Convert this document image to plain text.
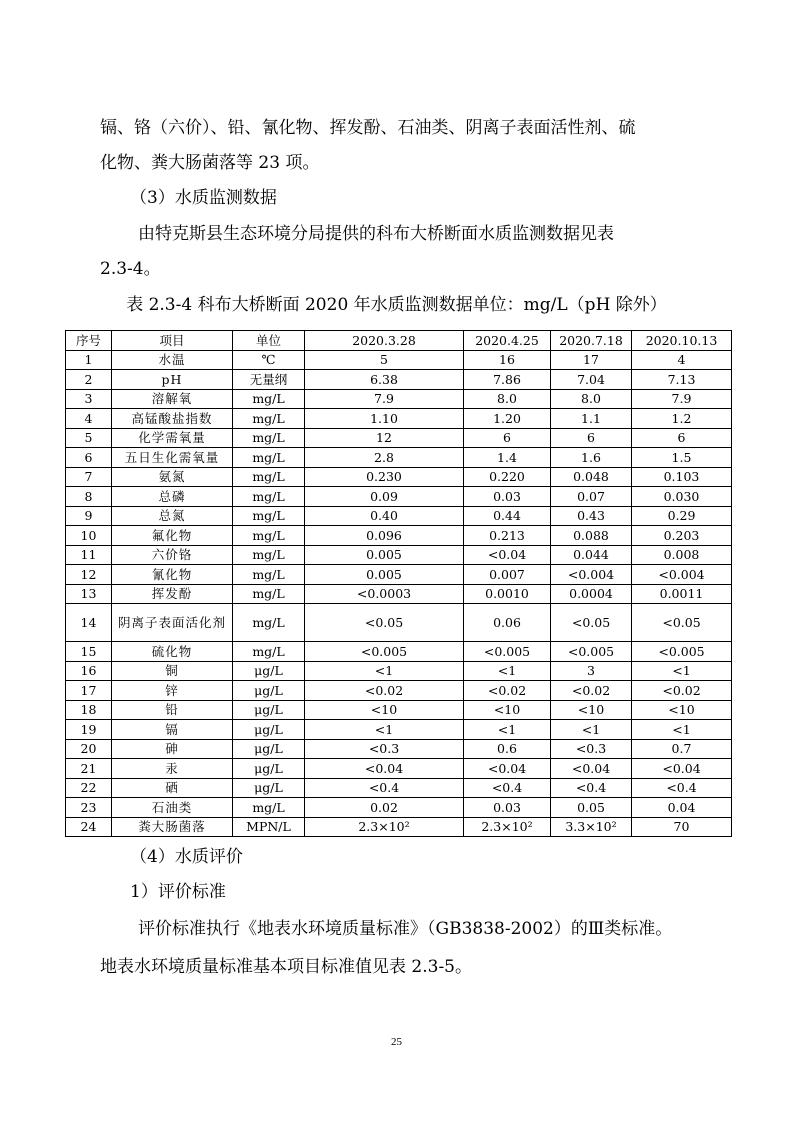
镉、铬（六价）、铅、氰化物、挥发酚、石油类、阴离子表面活性剂、硫
化物、粪大肠菌落等 23 项。
（3）水质监测数据
由特克斯县生态环境分局提供的科布大桥断面水质监测数据见表
2.3-4。
表 2.3-4 科布大桥断面 2020 年水质监测数据单位：mg/L（pH 除外）
序号	项目	单位	2020.3.28	2020.4.25	2020.7.18	2020.10.13
1	水温	℃	5	16	17	4
2	pH	无量纲	6.38	7.86	7.04	7.13
3	溶解氧	mg/L	7.9	8.0	8.0	7.9
4	高锰酸盐指数	mg/L	1.10	1.20	1.1	1.2
5	化学需氧量	mg/L	12	6	6	6
6	五日生化需氧量	mg/L	2.8	1.4	1.6	1.5
7	氨氮	mg/L	0.230	0.220	0.048	0.103
8	总磷	mg/L	0.09	0.03	0.07	0.030
9	总氮	mg/L	0.40	0.44	0.43	0.29
10	氟化物	mg/L	0.096	0.213	0.088	0.203
11	六价铬	mg/L	0.005	<0.04	0.044	0.008
12	氰化物	mg/L	0.005	0.007	<0.004	<0.004
13	挥发酚	mg/L	<0.0003	0.0010	0.0004	0.0011
14	阴离子表面活化剂	mg/L	<0.05	0.06	<0.05	<0.05
15	硫化物	mg/L	<0.005	<0.005	<0.005	<0.005
16	铜	μg/L	<1	<1	3	<1
17	锌	μg/L	<0.02	<0.02	<0.02	<0.02
18	铅	μg/L	<10	<10	<10	<10
19	镉	μg/L	<1	<1	<1	<1
20	砷	μg/L	<0.3	0.6	<0.3	0.7
21	汞	μg/L	<0.04	<0.04	<0.04	<0.04
22	硒	μg/L	<0.4	<0.4	<0.4	<0.4
23	石油类	mg/L	0.02	0.03	0.05	0.04
24	粪大肠菌落	MPN/L	2.3×10²	2.3×10²	3.3×10²	70
（4）水质评价
1）评价标准
评价标准执行《地表水环境质量标准》（GB3838-2002）的Ⅲ类标准。
地表水环境质量标准基本项目标准值见表 2.3-5。
25
